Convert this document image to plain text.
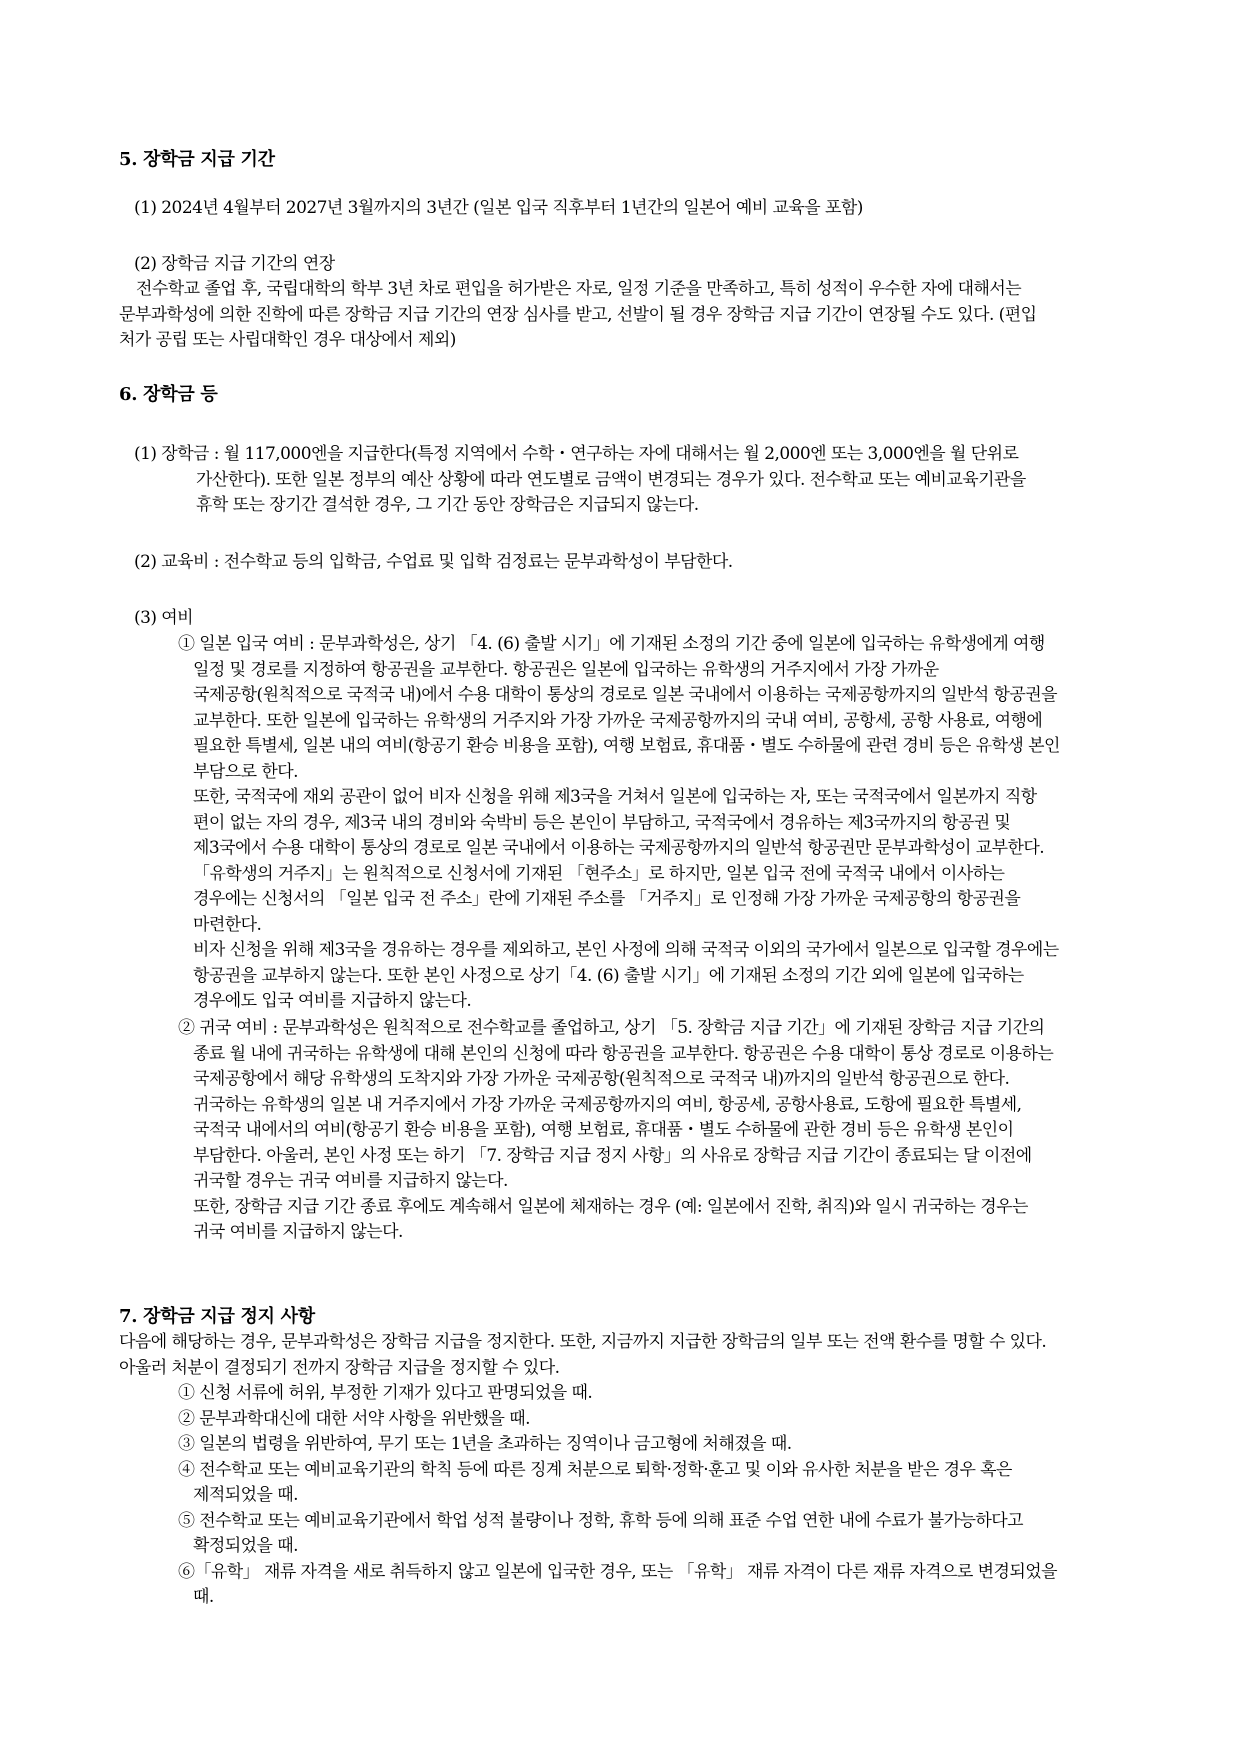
5. 장학금 지급 기간
(1) 2024년 4월부터 2027년 3월까지의 3년간 (일본 입국 직후부터 1년간의 일본어 예비 교육을 포함)
(2) 장학금 지급 기간의 연장
전수학교 졸업 후, 국립대학의 학부 3년 차로 편입을 허가받은 자로, 일정 기준을 만족하고, 특히 성적이 우수한 자에 대해서는
문부과학성에 의한 진학에 따른 장학금 지급 기간의 연장 심사를 받고, 선발이 될 경우 장학금 지급 기간이 연장될 수도 있다. (편입
처가 공립 또는 사립대학인 경우 대상에서 제외)
6. 장학금 등
(1) 장학금 : 월 117,000엔을 지급한다(특정 지역에서 수학・연구하는 자에 대해서는 월 2,000엔 또는 3,000엔을 월 단위로
가산한다). 또한 일본 정부의 예산 상황에 따라 연도별로 금액이 변경되는 경우가 있다. 전수학교 또는 예비교육기관을
휴학 또는 장기간 결석한 경우, 그 기간 동안 장학금은 지급되지 않는다.
(2) 교육비 : 전수학교 등의 입학금, 수업료 및 입학 검정료는 문부과학성이 부담한다.
(3) 여비
① 일본 입국 여비 : 문부과학성은, 상기 「4. (6) 출발 시기」에 기재된 소정의 기간 중에 일본에 입국하는 유학생에게 여행
일정 및 경로를 지정하여 항공권을 교부한다. 항공권은 일본에 입국하는 유학생의 거주지에서 가장 가까운
국제공항(원칙적으로 국적국 내)에서 수용 대학이 통상의 경로로 일본 국내에서 이용하는 국제공항까지의 일반석 항공권을
교부한다. 또한 일본에 입국하는 유학생의 거주지와 가장 가까운 국제공항까지의 국내 여비, 공항세, 공항 사용료, 여행에
필요한 특별세, 일본 내의 여비(항공기 환승 비용을 포함), 여행 보험료, 휴대품・별도 수하물에 관련 경비 등은 유학생 본인
부담으로 한다.
또한, 국적국에 재외 공관이 없어 비자 신청을 위해 제3국을 거쳐서 일본에 입국하는 자, 또는 국적국에서 일본까지 직항
편이 없는 자의 경우, 제3국 내의 경비와 숙박비 등은 본인이 부담하고, 국적국에서 경유하는 제3국까지의 항공권 및
제3국에서 수용 대학이 통상의 경로로 일본 국내에서 이용하는 국제공항까지의 일반석 항공권만 문부과학성이 교부한다.
「유학생의 거주지」는 원칙적으로 신청서에 기재된 「현주소」로 하지만, 일본 입국 전에 국적국 내에서 이사하는
경우에는 신청서의 「일본 입국 전 주소」란에 기재된 주소를 「거주지」로 인정해 가장 가까운 국제공항의 항공권을
마련한다.
비자 신청을 위해 제3국을 경유하는 경우를 제외하고, 본인 사정에 의해 국적국 이외의 국가에서 일본으로 입국할 경우에는
항공권을 교부하지 않는다. 또한 본인 사정으로 상기「4. (6) 출발 시기」에 기재된 소정의 기간 외에 일본에 입국하는
경우에도 입국 여비를 지급하지 않는다.
② 귀국 여비 : 문부과학성은 원칙적으로 전수학교를 졸업하고, 상기 「5. 장학금 지급 기간」에 기재된 장학금 지급 기간의
종료 월 내에 귀국하는 유학생에 대해 본인의 신청에 따라 항공권을 교부한다. 항공권은 수용 대학이 통상 경로로 이용하는
국제공항에서 해당 유학생의 도착지와 가장 가까운 국제공항(원칙적으로 국적국 내)까지의 일반석 항공권으로 한다.
귀국하는 유학생의 일본 내 거주지에서 가장 가까운 국제공항까지의 여비, 항공세, 공항사용료, 도항에 필요한 특별세,
국적국 내에서의 여비(항공기 환승 비용을 포함), 여행 보험료, 휴대품・별도 수하물에 관한 경비 등은 유학생 본인이
부담한다. 아울러, 본인 사정 또는 하기 「7. 장학금 지급 정지 사항」의 사유로 장학금 지급 기간이 종료되는 달 이전에
귀국할 경우는 귀국 여비를 지급하지 않는다.
또한, 장학금 지급 기간 종료 후에도 계속해서 일본에 체재하는 경우 (예: 일본에서 진학, 취직)와 일시 귀국하는 경우는
귀국 여비를 지급하지 않는다.
7. 장학금 지급 정지 사항
다음에 해당하는 경우, 문부과학성은 장학금 지급을 정지한다. 또한, 지금까지 지급한 장학금의 일부 또는 전액 환수를 명할 수 있다.
아울러 처분이 결정되기 전까지 장학금 지급을 정지할 수 있다.
① 신청 서류에 허위, 부정한 기재가 있다고 판명되었을 때.
② 문부과학대신에 대한 서약 사항을 위반했을 때.
③ 일본의 법령을 위반하여, 무기 또는 1년을 초과하는 징역이나 금고형에 처해졌을 때.
④ 전수학교 또는 예비교육기관의 학칙 등에 따른 징계 처분으로 퇴학·정학·훈고 및 이와 유사한 처분을 받은 경우 혹은
제적되었을 때.
⑤ 전수학교 또는 예비교육기관에서 학업 성적 불량이나 정학, 휴학 등에 의해 표준 수업 연한 내에 수료가 불가능하다고
확정되었을 때.
⑥「유학」 재류 자격을 새로 취득하지 않고 일본에 입국한 경우, 또는 「유학」 재류 자격이 다른 재류 자격으로 변경되었을
때.
